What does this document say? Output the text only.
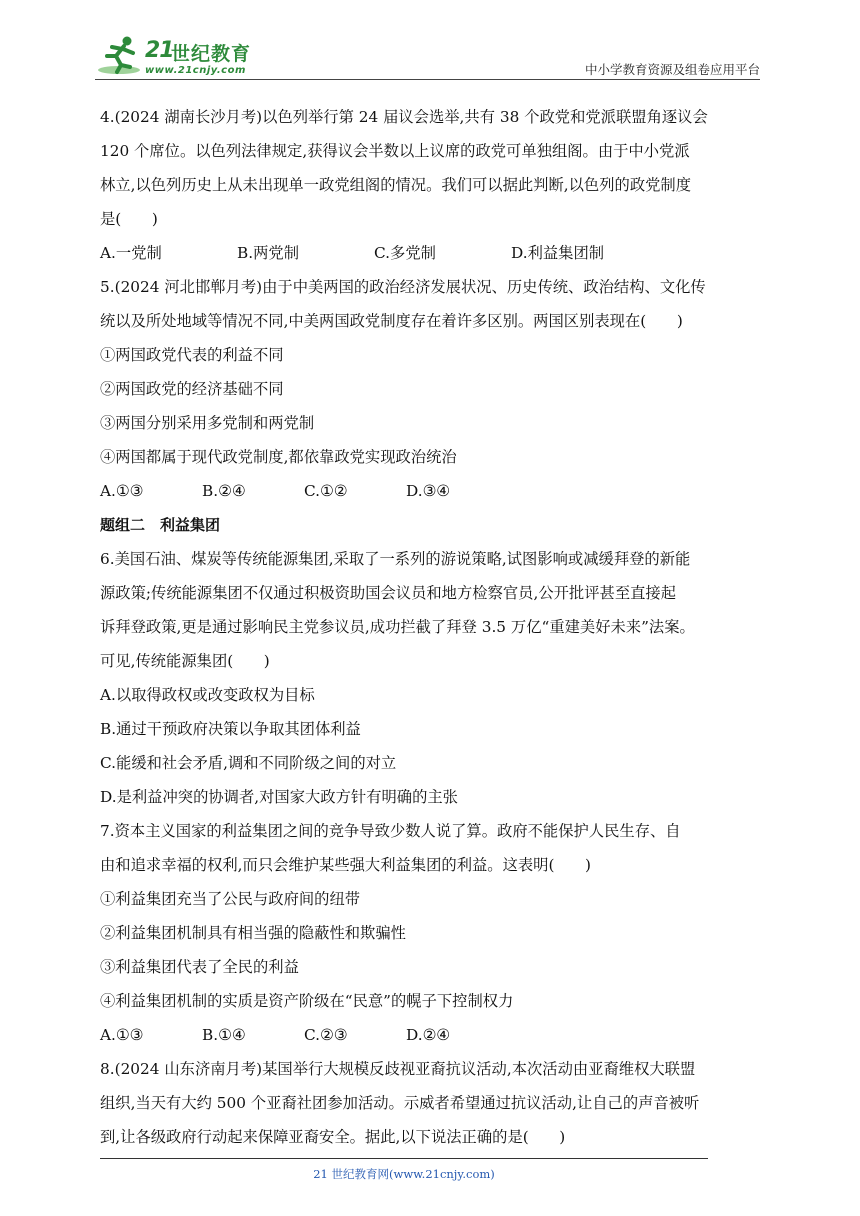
21
世纪教育
www.21cnjy.com	中小学教育资源及组卷应用平台
4.(2024 湖南长沙月考)以色列举行第 24 届议会选举,共有 38 个政党和党派联盟角逐议会
120 个席位。以色列法律规定,获得议会半数以上议席的政党可单独组阁。由于中小党派
林立,以色列历史上从未出现单一政党组阁的情况。我们可以据此判断,以色列的政党制度
是(　　)
A.一党制	B.两党制	C.多党制	D.利益集团制
5.(2024 河北邯郸月考)由于中美两国的政治经济发展状况、历史传统、政治结构、文化传
统以及所处地域等情况不同,中美两国政党制度存在着许多区别。两国区别表现在(　　)
①两国政党代表的利益不同
②两国政党的经济基础不同
③两国分别采用多党制和两党制
④两国都属于现代政党制度,都依靠政党实现政治统治
A.①③	B.②④	C.①②	D.③④
题组二　利益集团
6.美国石油、煤炭等传统能源集团,采取了一系列的游说策略,试图影响或减缓拜登的新能
源政策;传统能源集团不仅通过积极资助国会议员和地方检察官员,公开批评甚至直接起
诉拜登政策,更是通过影响民主党参议员,成功拦截了拜登 3.5 万亿“重建美好未来”法案。
可见,传统能源集团(　　)
A.以取得政权或改变政权为目标
B.通过干预政府决策以争取其团体利益
C.能缓和社会矛盾,调和不同阶级之间的对立
D.是利益冲突的协调者,对国家大政方针有明确的主张
7.资本主义国家的利益集团之间的竞争导致少数人说了算。政府不能保护人民生存、自
由和追求幸福的权利,而只会维护某些强大利益集团的利益。这表明(　　)
①利益集团充当了公民与政府间的纽带
②利益集团机制具有相当强的隐蔽性和欺骗性
③利益集团代表了全民的利益
④利益集团机制的实质是资产阶级在“民意”的幌子下控制权力
A.①③	B.①④	C.②③	D.②④
8.(2024 山东济南月考)某国举行大规模反歧视亚裔抗议活动,本次活动由亚裔维权大联盟
组织,当天有大约 500 个亚裔社团参加活动。示威者希望通过抗议活动,让自己的声音被听
到,让各级政府行动起来保障亚裔安全。据此,以下说法正确的是(　　)
21 世纪教育网(www.21cnjy.com)
